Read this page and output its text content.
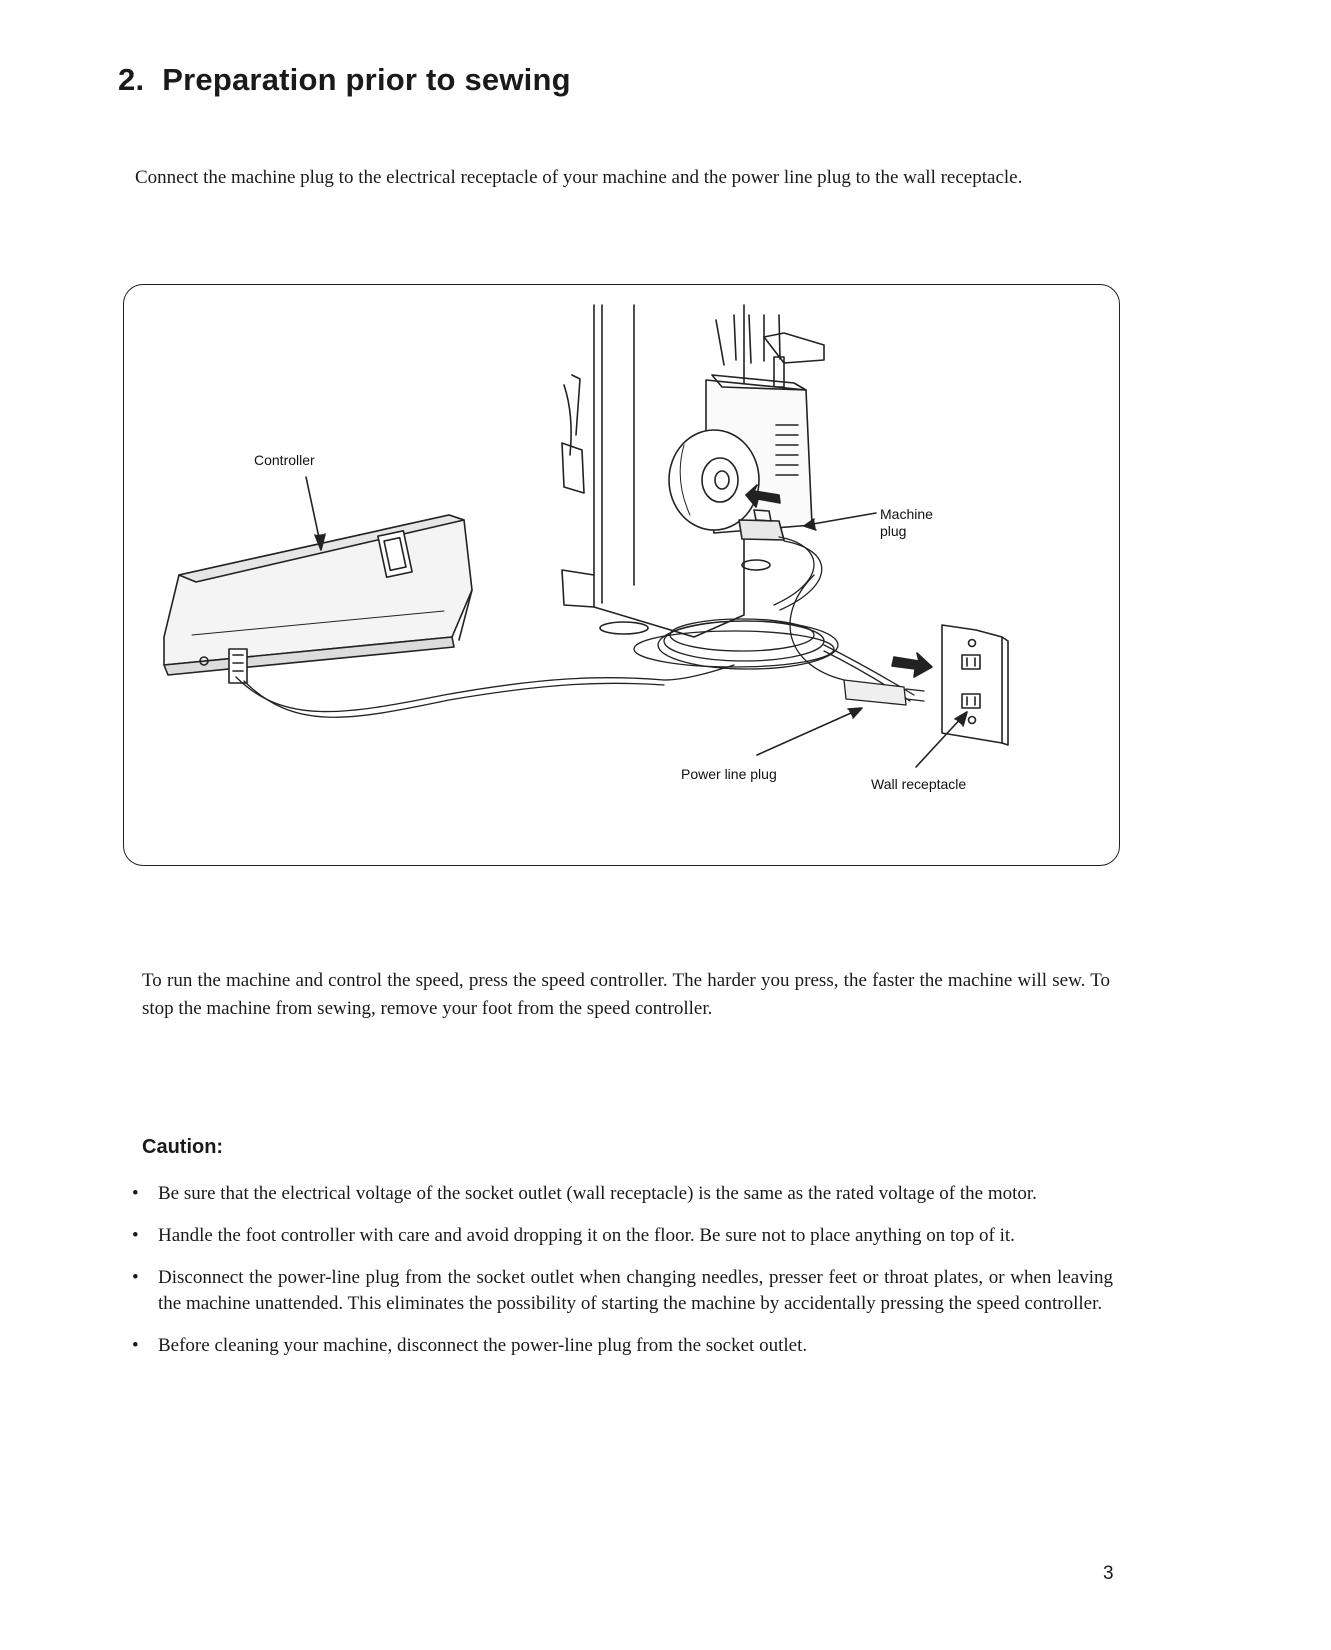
2. Preparation prior to sewing

Connect the machine plug to the electrical receptacle of your machine and the power line plug to the wall receptacle.

Controller
Machine
plug
Power line plug
Wall receptacle

To run the machine and control the speed, press the speed controller. The harder you press, the faster the machine will sew. To stop the machine from sewing, remove your foot from the speed controller.

Caution:
• Be sure that the electrical voltage of the socket outlet (wall receptacle) is the same as the rated voltage of the motor.
• Handle the foot controller with care and avoid dropping it on the floor. Be sure not to place anything on top of it.
• Disconnect the power-line plug from the socket outlet when changing needles, presser feet or throat plates, or when leaving the machine unattended. This eliminates the possibility of starting the machine by accidentally pressing the speed controller.
• Before cleaning your machine, disconnect the power-line plug from the socket outlet.
3
